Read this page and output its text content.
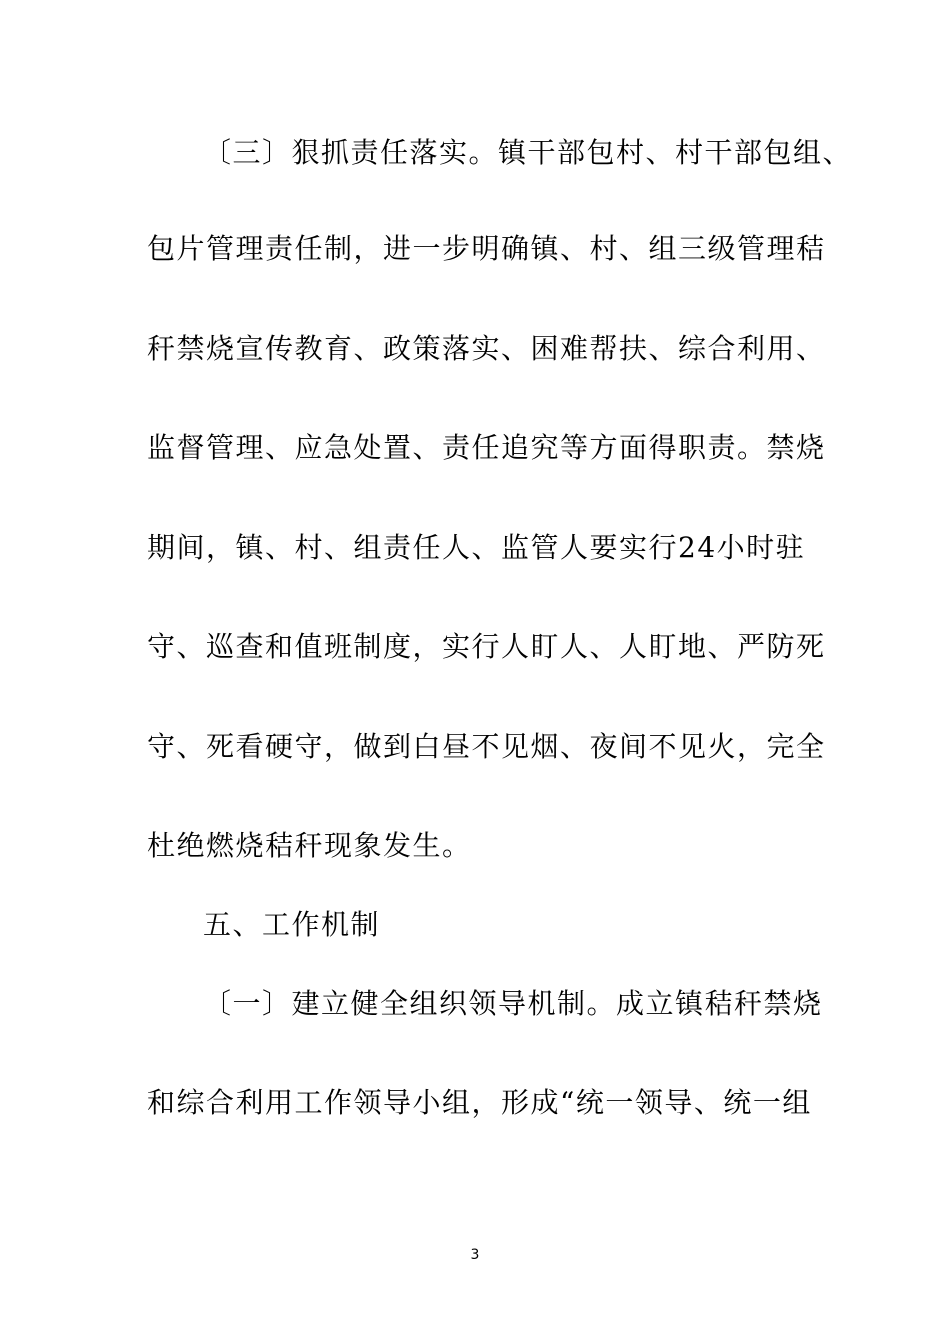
〔三〕狠抓责任落实。镇干部包村、村干部包组、
包片管理责任制，进一步明确镇、村、组三级管理秸
秆禁烧宣传教育、政策落实、困难帮扶、综合利用、
监督管理、应急处置、责任追究等方面得职责。禁烧
期间，镇、村、组责任人、监管人要实行24小时驻
守、巡查和值班制度，实行人盯人、人盯地、严防死
守、死看硬守，做到白昼不见烟、夜间不见火，完全
杜绝燃烧秸秆现象发生。
五、工作机制
〔一〕建立健全组织领导机制。成立镇秸秆禁烧
和综合利用工作领导小组，形成“统一领导、统一组
3
